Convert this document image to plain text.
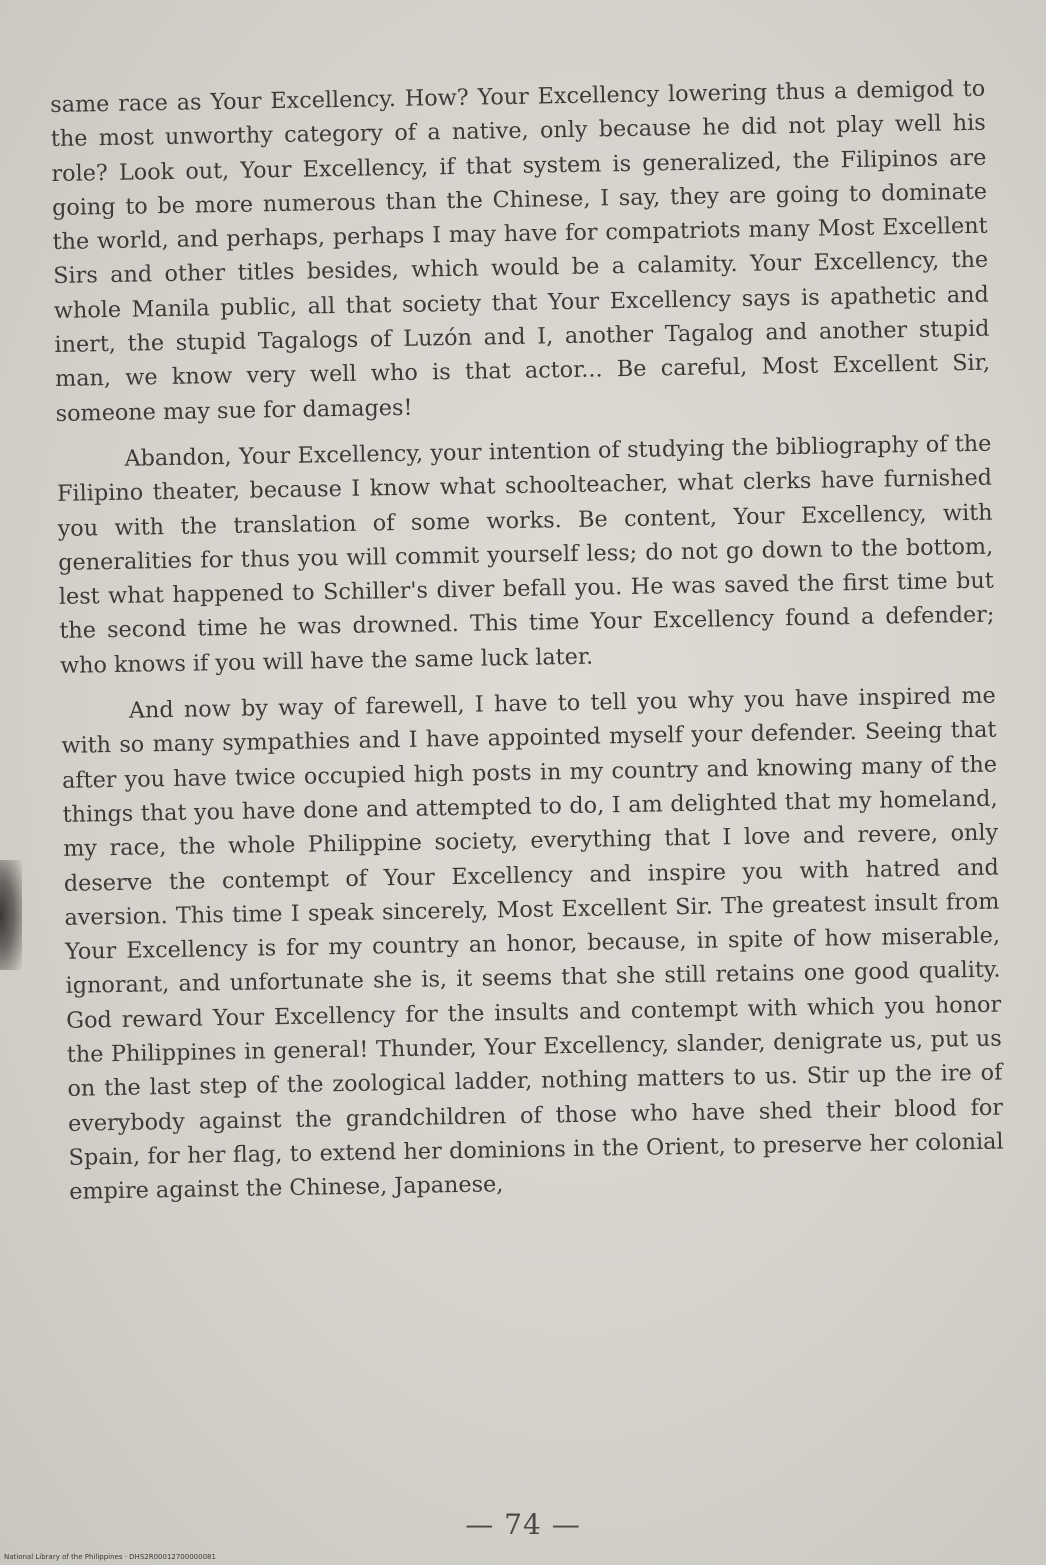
same race as Your Excellency. How? Your Excellency lowering thus a demigod to the most unworthy category of a native, only because he did not play well his role? Look out, Your Excellency, if that system is generalized, the Filipinos are going to be more numerous than the Chinese, I say, they are going to dominate the world, and perhaps, perhaps I may have for compatriots many Most Excellent Sirs and other titles besides, which would be a calamity. Your Excellency, the whole Manila public, all that society that Your Excellency says is apathetic and inert, the stupid Tagalogs of Luzón and I, another Tagalog and another stupid man, we know very well who is that actor... Be careful, Most Excellent Sir, someone may sue for damages!

Abandon, Your Excellency, your intention of studying the bibliography of the Filipino theater, because I know what schoolteacher, what clerks have furnished you with the translation of some works. Be content, Your Excellency, with generalities for thus you will commit yourself less; do not go down to the bottom, lest what happened to Schiller's diver befall you. He was saved the first time but the second time he was drowned. This time Your Excellency found a defender; who knows if you will have the same luck later.

And now by way of farewell, I have to tell you why you have inspired me with so many sympathies and I have appointed myself your defender. Seeing that after you have twice occupied high posts in my country and knowing many of the things that you have done and attempted to do, I am delighted that my homeland, my race, the whole Philippine society, everything that I love and revere, only deserve the contempt of Your Excellency and inspire you with hatred and aversion. This time I speak sincerely, Most Excellent Sir. The greatest insult from Your Excellency is for my country an honor, because, in spite of how miserable, ignorant, and unfortunate she is, it seems that she still retains one good quality. God reward Your Excellency for the insults and contempt with which you honor the Philippines in general! Thunder, Your Excellency, slander, denigrate us, put us on the last step of the zoological ladder, nothing matters to us. Stir up the ire of everybody against the grandchildren of those who have shed their blood for Spain, for her flag, to extend her dominions in the Orient, to preserve her colonial empire against the Chinese, Japanese,

— 74 —
National Library of the Philippines · DHS2R00012700000081
